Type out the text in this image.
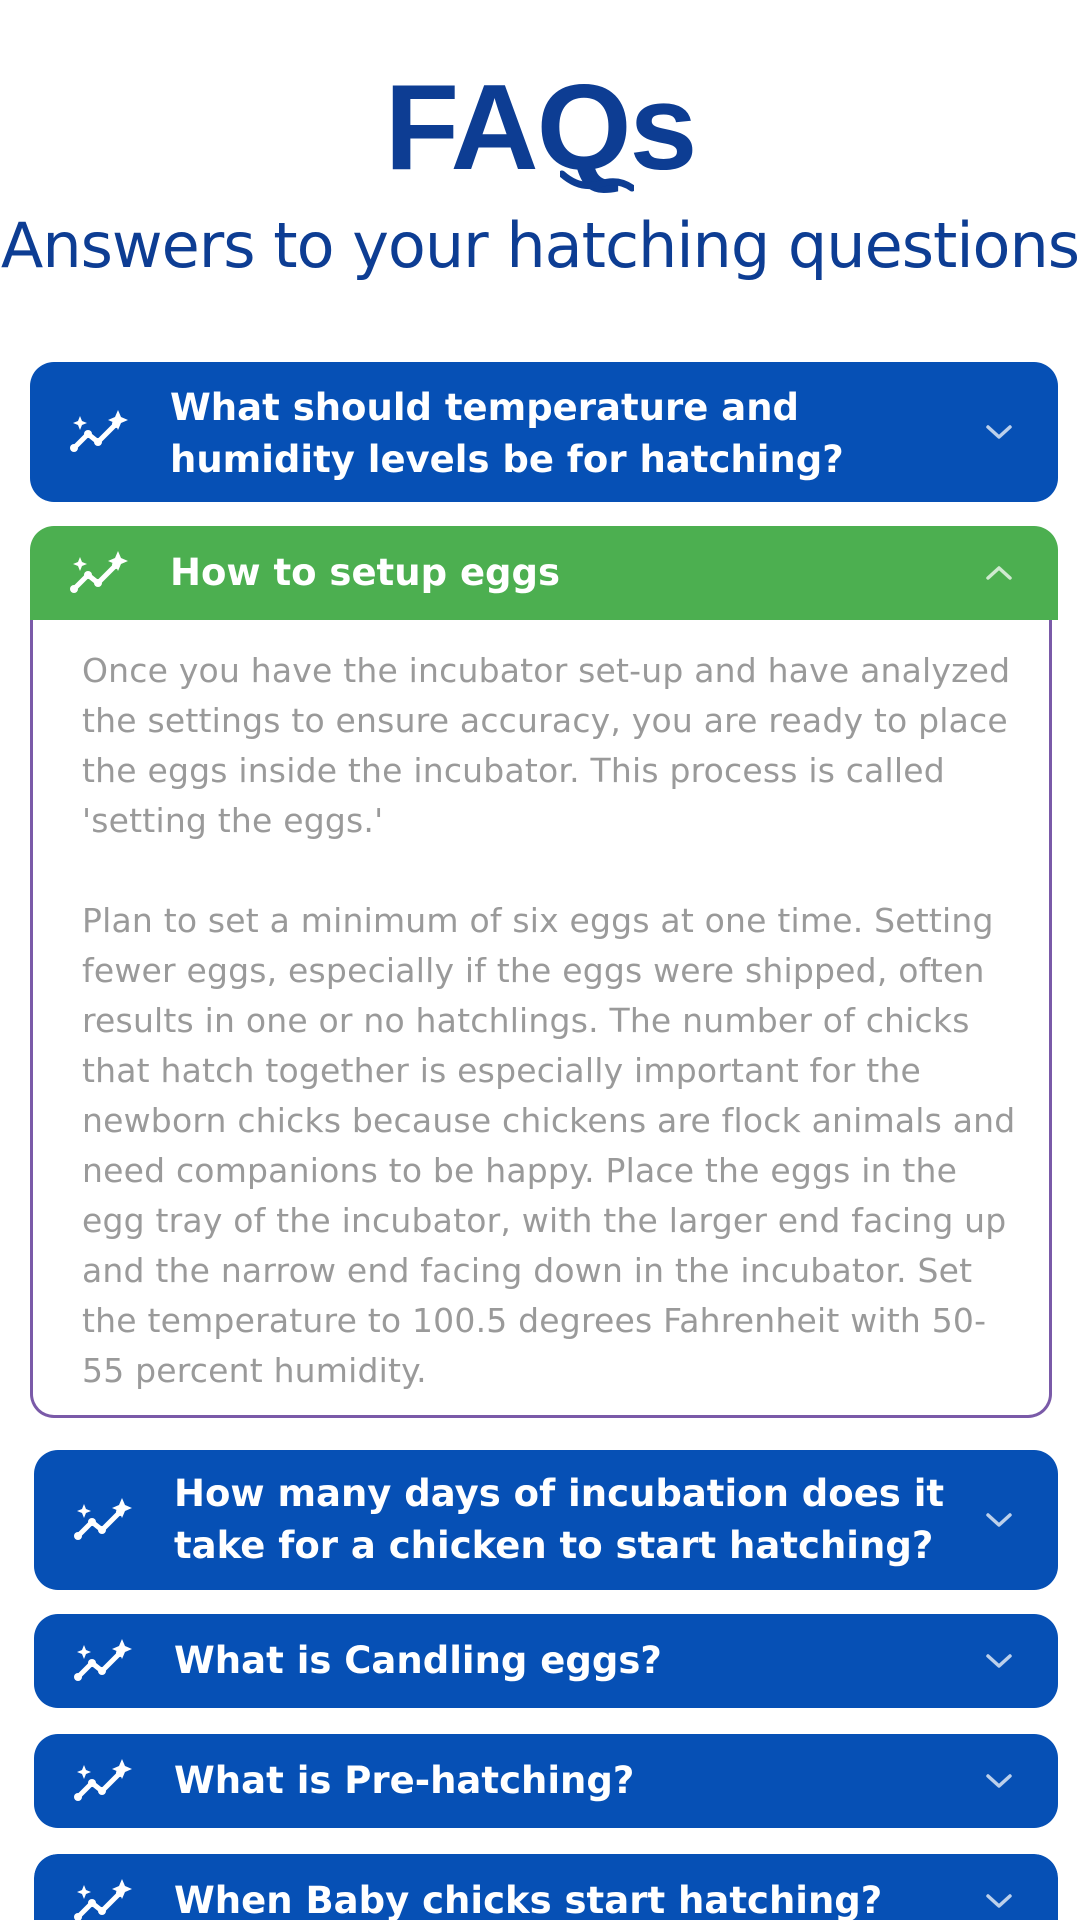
FAQs
Answers to your hatching questions
What should temperature and humidity levels be for hatching?
How to setup eggs

Once you have the incubator set-up and have analyzed the settings to ensure accuracy, you are ready to place the eggs inside the incubator. This process is called 'setting the eggs.'

Plan to set a minimum of six eggs at one time. Setting fewer eggs, especially if the eggs were shipped, often results in one or no hatchlings. The number of chicks that hatch together is especially important for the newborn chicks because chickens are flock animals and need companions to be happy. Place the eggs in the egg tray of the incubator, with the larger end facing up and the narrow end facing down in the incubator. Set the temperature to 100.5 degrees Fahrenheit with 50-55 percent humidity.

How many days of incubation does it take for a chicken to start hatching?
What is Candling eggs?
What is Pre-hatching?
When Baby chicks start hatching?
